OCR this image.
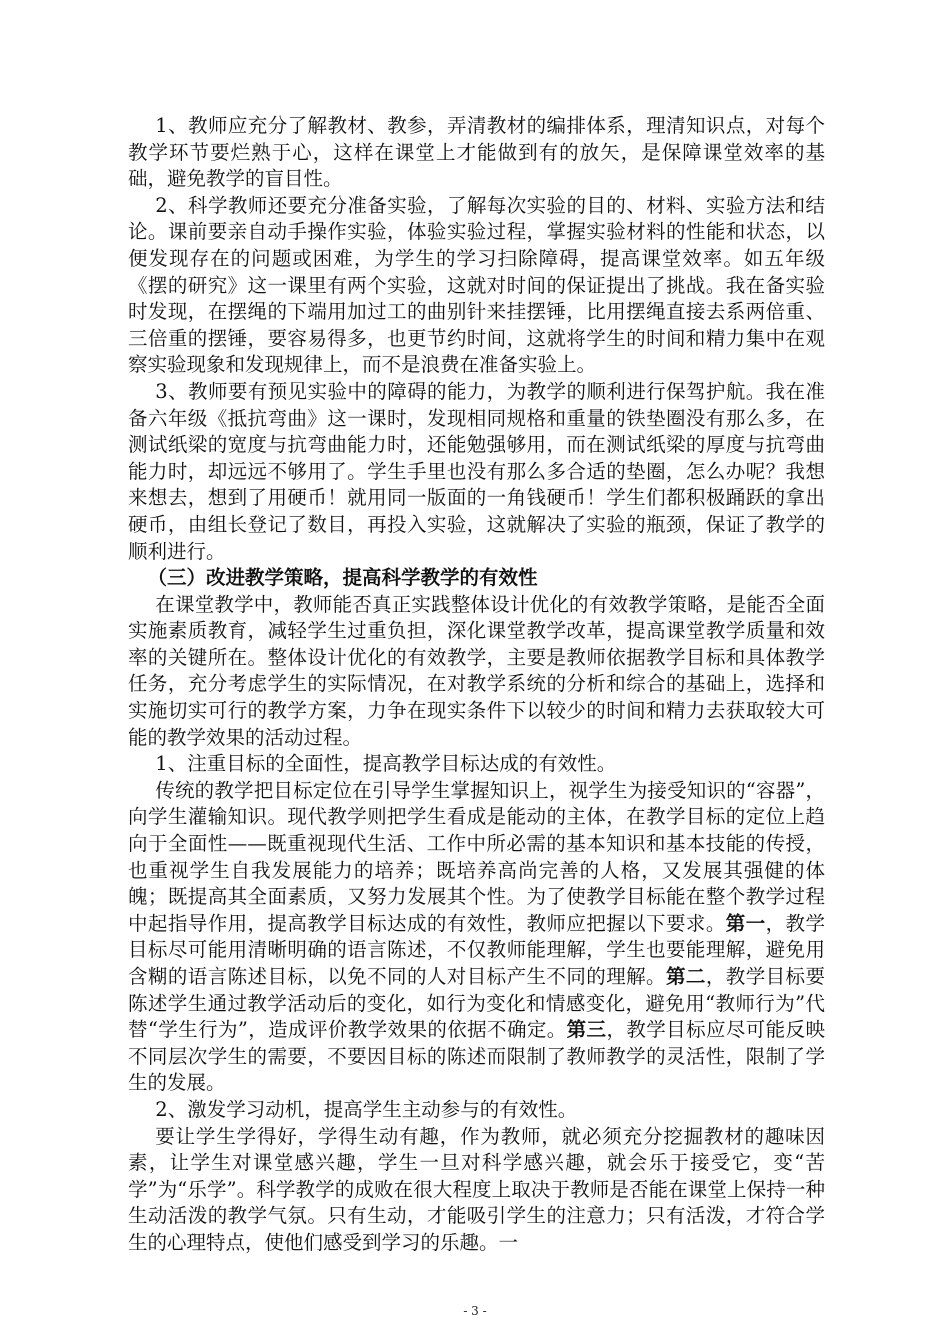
1、教师应充分了解教材、教参，弄清教材的编排体系，理清知识点，对每个教学环节要烂熟于心，这样在课堂上才能做到有的放矢，是保障课堂效率的基础，避免教学的盲目性。

2、科学教师还要充分准备实验，了解每次实验的目的、材料、实验方法和结论。课前要亲自动手操作实验，体验实验过程，掌握实验材料的性能和状态，以便发现存在的问题或困难，为学生的学习扫除障碍，提高课堂效率。如五年级《摆的研究》这一课里有两个实验，这就对时间的保证提出了挑战。我在备实验时发现，在摆绳的下端用加过工的曲别针来挂摆锤，比用摆绳直接去系两倍重、三倍重的摆锤，要容易得多，也更节约时间，这就将学生的时间和精力集中在观察实验现象和发现规律上，而不是浪费在准备实验上。

3、教师要有预见实验中的障碍的能力，为教学的顺利进行保驾护航。我在准备六年级《抵抗弯曲》这一课时，发现相同规格和重量的铁垫圈没有那么多，在测试纸梁的宽度与抗弯曲能力时，还能勉强够用，而在测试纸梁的厚度与抗弯曲能力时，却远远不够用了。学生手里也没有那么多合适的垫圈，怎么办呢？我想来想去，想到了用硬币！就用同一版面的一角钱硬币！学生们都积极踊跃的拿出硬币，由组长登记了数目，再投入实验，这就解决了实验的瓶颈，保证了教学的顺利进行。

（三）改进教学策略，提高科学教学的有效性

在课堂教学中，教师能否真正实践整体设计优化的有效教学策略，是能否全面实施素质教育，减轻学生过重负担，深化课堂教学改革，提高课堂教学质量和效率的关键所在。整体设计优化的有效教学，主要是教师依据教学目标和具体教学任务，充分考虑学生的实际情况，在对教学系统的分析和综合的基础上，选择和实施切实可行的教学方案，力争在现实条件下以较少的时间和精力去获取较大可能的教学效果的活动过程。

1、注重目标的全面性，提高教学目标达成的有效性。

传统的教学把目标定位在引导学生掌握知识上，视学生为接受知识的“容器”，向学生灌输知识。现代教学则把学生看成是能动的主体，在教学目标的定位上趋向于全面性——既重视现代生活、工作中所必需的基本知识和基本技能的传授，也重视学生自我发展能力的培养；既培养高尚完善的人格，又发展其强健的体魄；既提高其全面素质，又努力发展其个性。为了使教学目标能在整个教学过程中起指导作用，提高教学目标达成的有效性，教师应把握以下要求。第一，教学目标尽可能用清晰明确的语言陈述，不仅教师能理解，学生也要能理解，避免用含糊的语言陈述目标，以免不同的人对目标产生不同的理解。第二，教学目标要陈述学生通过教学活动后的变化，如行为变化和情感变化，避免用“教师行为”代替“学生行为”，造成评价教学效果的依据不确定。第三，教学目标应尽可能反映不同层次学生的需要，不要因目标的陈述而限制了教师教学的灵活性，限制了学生的发展。

2、激发学习动机，提高学生主动参与的有效性。

要让学生学得好，学得生动有趣，作为教师，就必须充分挖掘教材的趣味因素，让学生对课堂感兴趣，学生一旦对科学感兴趣，就会乐于接受它，变“苦学”为“乐学”。科学教学的成败在很大程度上取决于教师是否能在课堂上保持一种生动活泼的教学气氛。只有生动，才能吸引学生的注意力；只有活泼，才符合学生的心理特点，使他们感受到学习的乐趣。一

- 3 -
